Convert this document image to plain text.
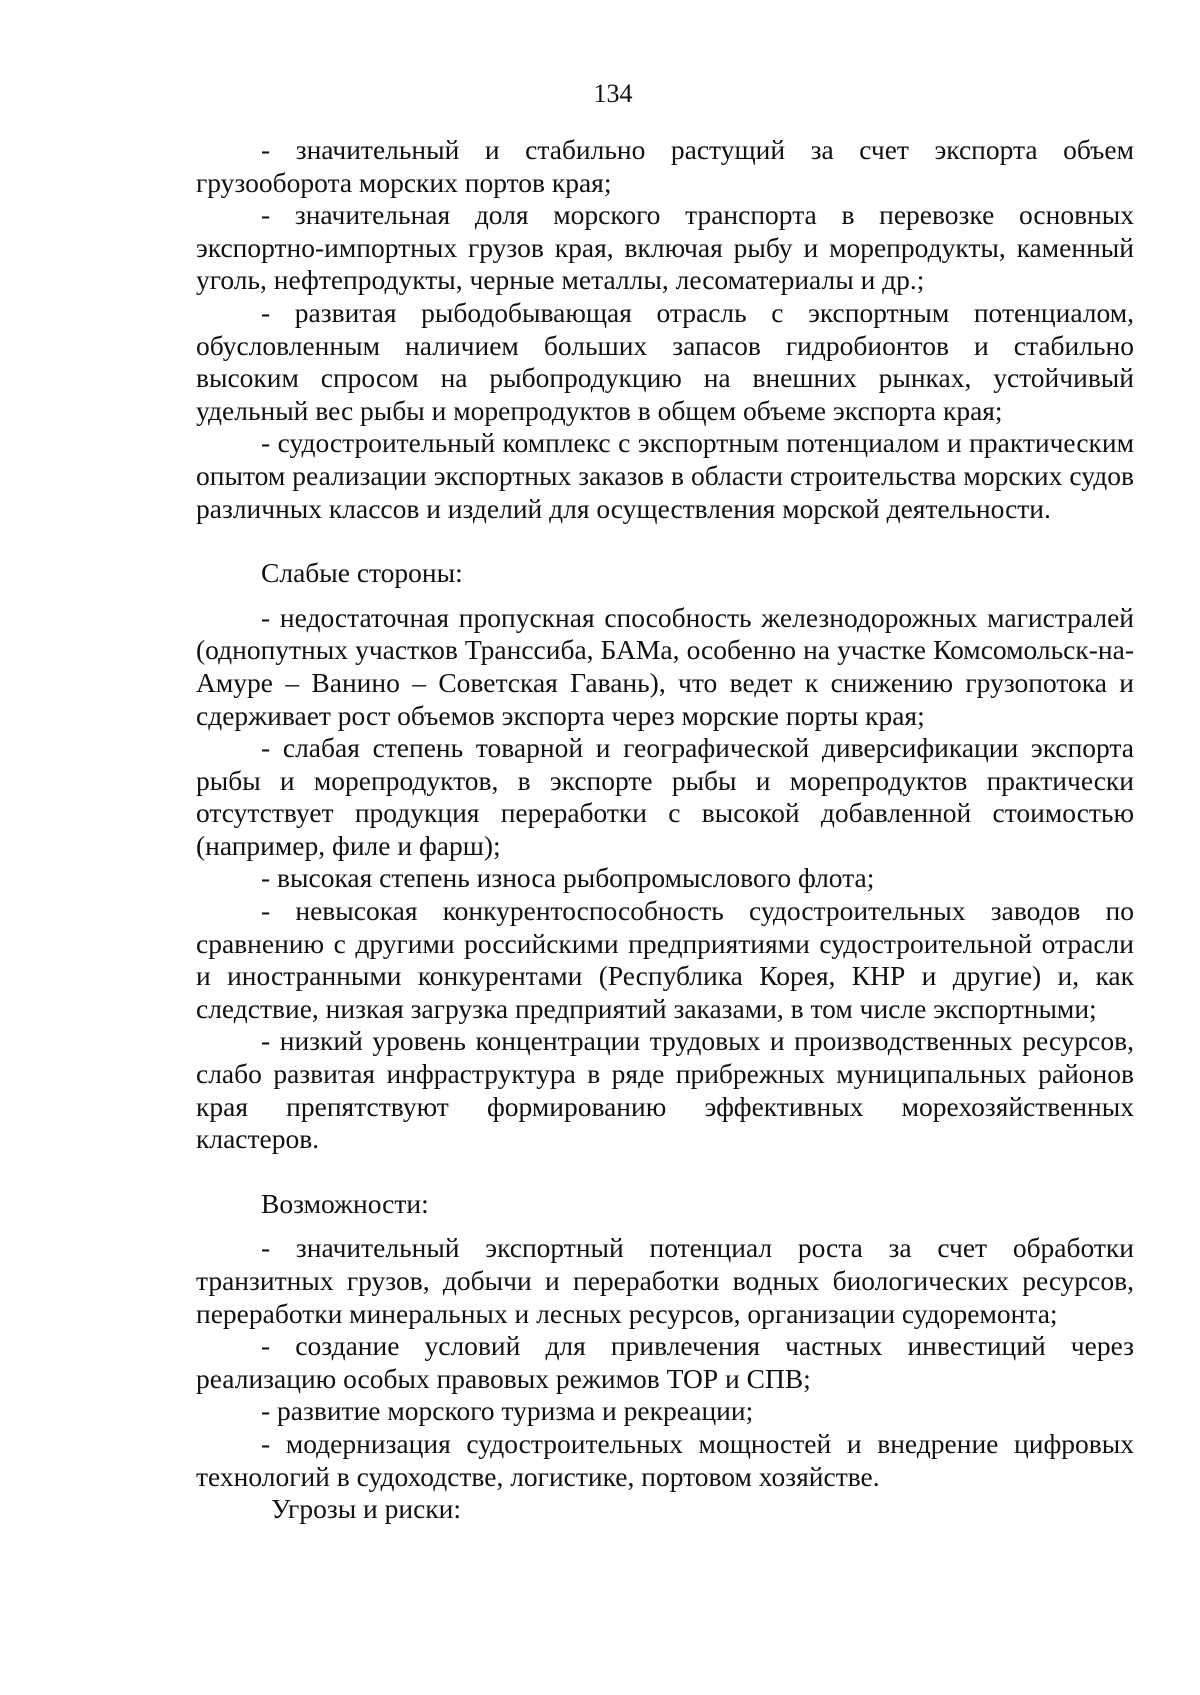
134

- значительный и стабильно растущий за счет экспорта объем грузооборота морских портов края;

- значительная доля морского транспорта в перевозке основных экспортно-импортных грузов края, включая рыбу и морепродукты, каменный уголь, нефтепродукты, черные металлы, лесоматериалы и др.;

- развитая рыбодобывающая отрасль с экспортным потенциалом, обусловленным наличием больших запасов гидробионтов и стабильно высоким спросом на рыбопродукцию на внешних рынках, устойчивый удельный вес рыбы и морепродуктов в общем объеме экспорта края;

- судостроительный комплекс с экспортным потенциалом и практическим опытом реализации экспортных заказов в области строительства морских судов различных классов и изделий для осуществления морской деятельности.

Слабые стороны:

- недостаточная пропускная способность железнодорожных магистралей (однопутных участков Транссиба, БАМа, особенно на участке Комсомольск-на-Амуре – Ванино – Советская Гавань), что ведет к снижению грузопотока и сдерживает рост объемов экспорта через морские порты края;

- слабая степень товарной и географической диверсификации экспорта рыбы и морепродуктов, в экспорте рыбы и морепродуктов практически отсутствует продукция переработки с высокой добавленной стоимостью (например, филе и фарш);

- высокая степень износа рыбопромыслового флота;

- невысокая конкурентоспособность судостроительных заводов по сравнению с другими российскими предприятиями судостроительной отрасли и иностранными конкурентами (Республика Корея, КНР и другие) и, как следствие, низкая загрузка предприятий заказами, в том числе экспортными;

- низкий уровень концентрации трудовых и производственных ресурсов, слабо развитая инфраструктура в ряде прибрежных муниципальных районов края препятствуют формированию эффективных морехозяйственных кластеров.

Возможности:

- значительный экспортный потенциал роста за счет обработки транзитных грузов, добычи и переработки водных биологических ресурсов, переработки минеральных и лесных ресурсов, организации судоремонта;

- создание условий для привлечения частных инвестиций через реализацию особых правовых режимов ТОР и СПВ;

- развитие морского туризма и рекреации;

- модернизация судостроительных мощностей и внедрение цифровых технологий в судоходстве, логистике, портовом хозяйстве.

Угрозы и риски:
